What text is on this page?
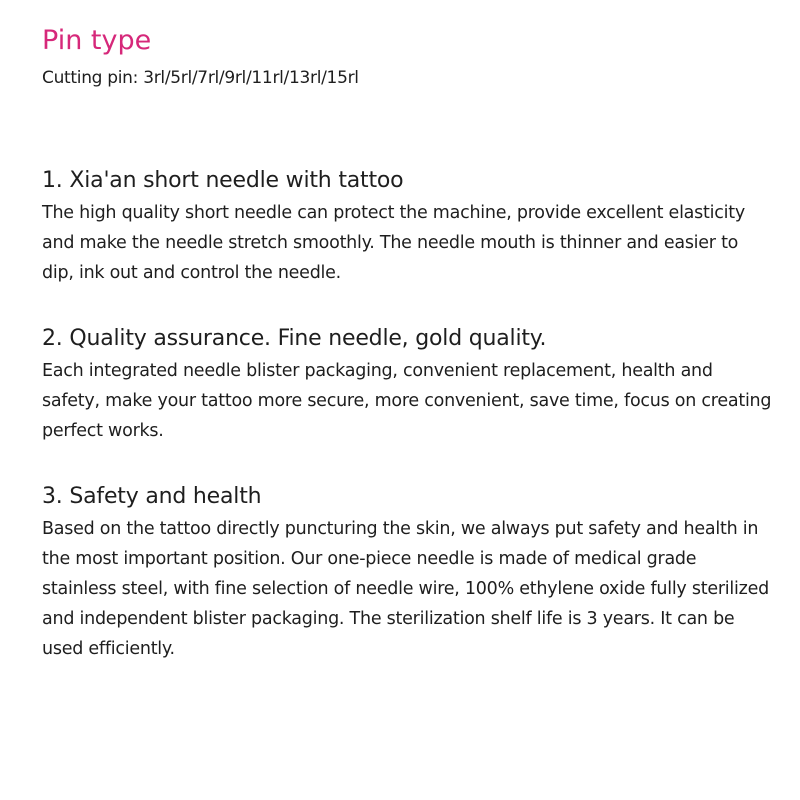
Pin type

Cutting pin: 3rl/5rl/7rl/9rl/11rl/13rl/15rl

1. Xia'an short needle with tattoo

The high quality short needle can protect the machine, provide excellent elasticity and make the needle stretch smoothly. The needle mouth is thinner and easier to dip, ink out and control the needle.

2. Quality assurance. Fine needle, gold quality.

Each integrated needle blister packaging, convenient replacement, health and safety, make your tattoo more secure, more convenient, save time, focus on creating perfect works.

3. Safety and health

Based on the tattoo directly puncturing the skin, we always put safety and health in the most important position. Our one-piece needle is made of medical grade stainless steel, with fine selection of needle wire, 100% ethylene oxide fully sterilized and independent blister packaging. The sterilization shelf life is 3 years. It can be used efficiently.
